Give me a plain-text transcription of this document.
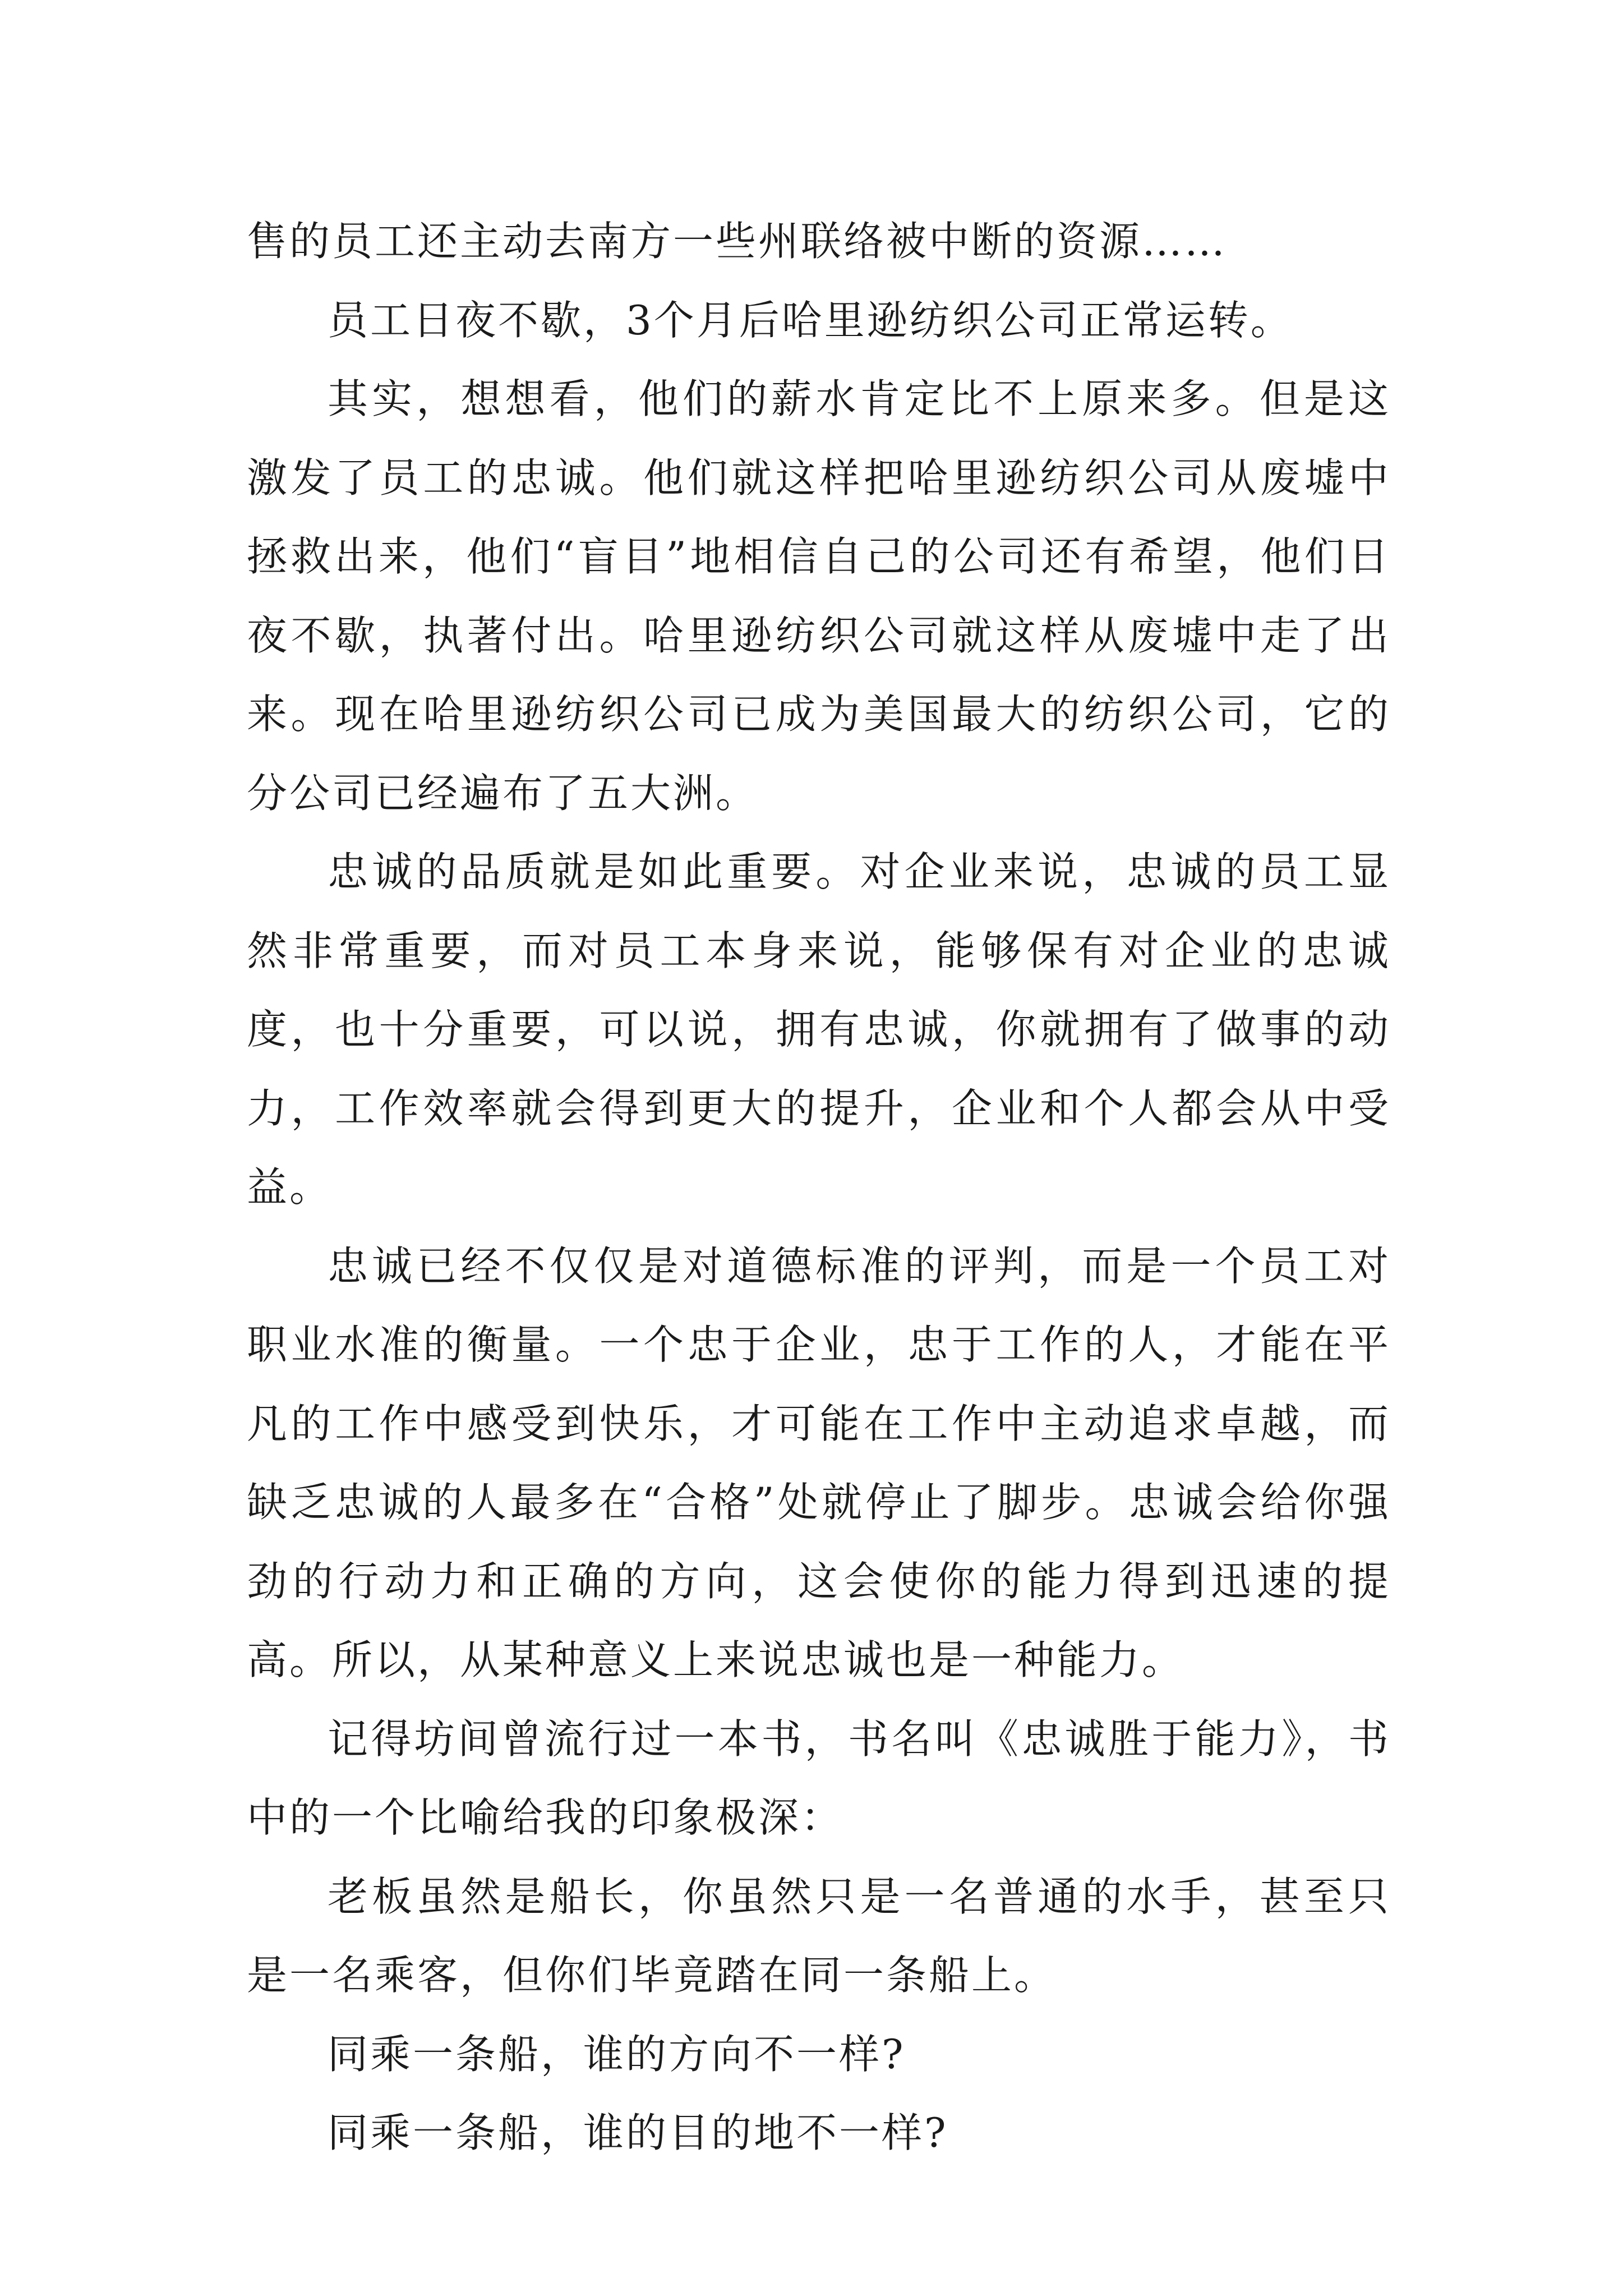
售的员工还主动去南方一些州联络被中断的资源……

员工日夜不歇，3个月后哈里逊纺织公司正常运转。

其实，想想看，他们的薪水肯定比不上原来多。但是这激发了员工的忠诚。他们就这样把哈里逊纺织公司从废墟中拯救出来，他们“盲目”地相信自己的公司还有希望，他们日夜不歇，执著付出。哈里逊纺织公司就这样从废墟中走了出来。现在哈里逊纺织公司已成为美国最大的纺织公司，它的分公司已经遍布了五大洲。

忠诚的品质就是如此重要。对企业来说，忠诚的员工显然非常重要，而对员工本身来说，能够保有对企业的忠诚度，也十分重要，可以说，拥有忠诚，你就拥有了做事的动力，工作效率就会得到更大的提升，企业和个人都会从中受益。

忠诚已经不仅仅是对道德标准的评判，而是一个员工对职业水准的衡量。一个忠于企业，忠于工作的人，才能在平凡的工作中感受到快乐，才可能在工作中主动追求卓越，而缺乏忠诚的人最多在“合格”处就停止了脚步。忠诚会给你强劲的行动力和正确的方向，这会使你的能力得到迅速的提高。所以，从某种意义上来说忠诚也是一种能力。

记得坊间曾流行过一本书，书名叫《忠诚胜于能力》，书中的一个比喻给我的印象极深：

老板虽然是船长，你虽然只是一名普通的水手，甚至只是一名乘客，但你们毕竟踏在同一条船上。

同乘一条船，谁的方向不一样?

同乘一条船，谁的目的地不一样?
